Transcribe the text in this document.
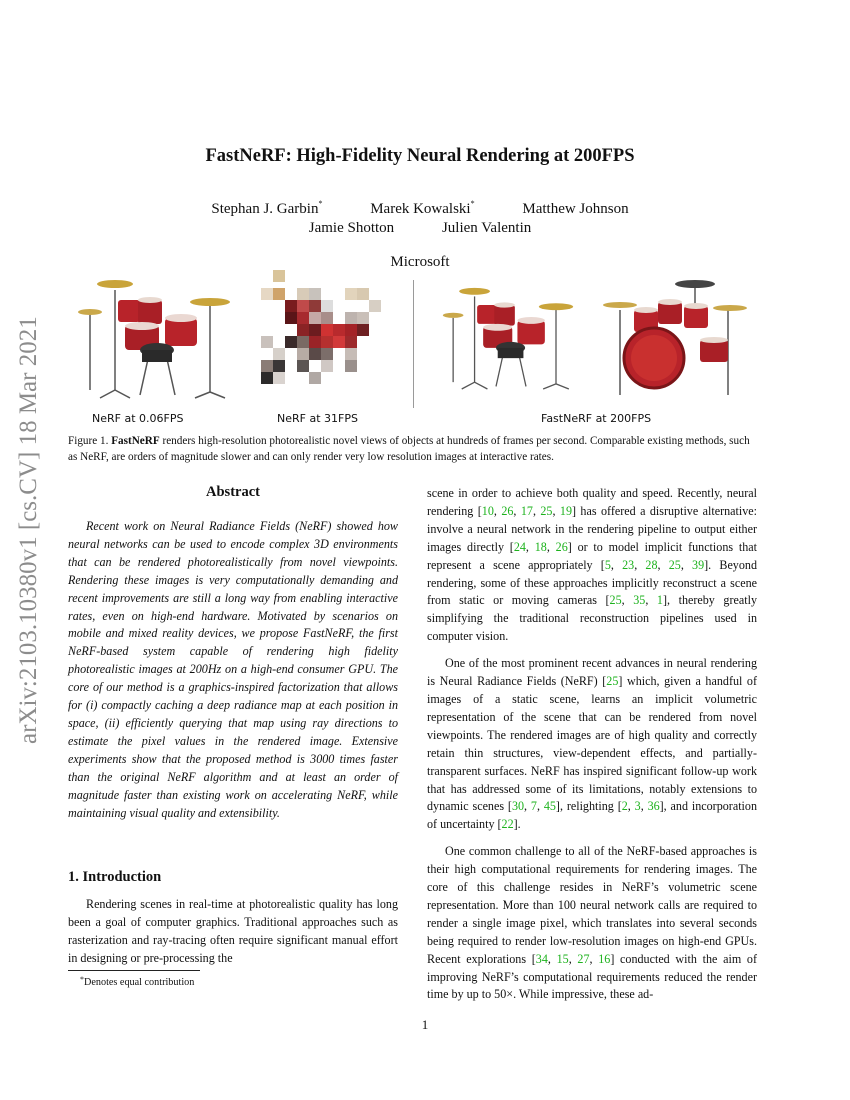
arXiv:2103.10380v1 [cs.CV] 18 Mar 2021
FastNeRF: High-Fidelity Neural Rendering at 200FPS
Stephan J. Garbin*	Marek Kowalski*	Matthew Johnson
Jamie Shotton	Julien Valentin
Microsoft
NeRF at 0.06FPS	NeRF at 31FPS	FastNeRF at 200FPS
Figure 1. FastNeRF renders high-resolution photorealistic novel views of objects at hundreds of frames per second. Comparable existing methods, such as NeRF, are orders of magnitude slower and can only render very low resolution images at interactive rates.
Abstract
Recent work on Neural Radiance Fields (NeRF) showed how neural networks can be used to encode complex 3D environments that can be rendered photorealistically from novel viewpoints. Rendering these images is very computationally demanding and recent improvements are still a long way from enabling interactive rates, even on high-end hardware. Motivated by scenarios on mobile and mixed reality devices, we propose FastNeRF, the first NeRF-based system capable of rendering high fidelity photorealistic images at 200Hz on a high-end consumer GPU. The core of our method is a graphics-inspired factorization that allows for (i) compactly caching a deep radiance map at each position in space, (ii) efficiently querying that map using ray directions to estimate the pixel values in the rendered image. Extensive experiments show that the proposed method is 3000 times faster than the original NeRF algorithm and at least an order of magnitude faster than existing work on accelerating NeRF, while maintaining visual quality and extensibility.
1. Introduction
Rendering scenes in real-time at photorealistic quality has long been a goal of computer graphics. Traditional approaches such as rasterization and ray-tracing often require significant manual effort in designing or pre-processing the

scene in order to achieve both quality and speed. Recently, neural rendering [10, 26, 17, 25, 19] has offered a disruptive alternative: involve a neural network in the rendering pipeline to output either images directly [24, 18, 26] or to model implicit functions that represent a scene appropriately [5, 23, 28, 25, 39]. Beyond rendering, some of these approaches implicitly reconstruct a scene from static or moving cameras [25, 35, 1], thereby greatly simplifying the traditional reconstruction pipelines used in computer vision.

One of the most prominent recent advances in neural rendering is Neural Radiance Fields (NeRF) [25] which, given a handful of images of a static scene, learns an implicit volumetric representation of the scene that can be rendered from novel viewpoints. The rendered images are of high quality and correctly retain thin structures, view-dependent effects, and partially-transparent surfaces. NeRF has inspired significant follow-up work that has addressed some of its limitations, notably extensions to dynamic scenes [30, 7, 45], relighting [2, 3, 36], and incorporation of uncertainty [22].

One common challenge to all of the NeRF-based approaches is their high computational requirements for rendering images. The core of this challenge resides in NeRF’s volumetric scene representation. More than 100 neural network calls are required to render a single image pixel, which translates into several seconds being required to render low-resolution images on high-end GPUs. Recent explorations [34, 15, 27, 16] conducted with the aim of improving NeRF’s computational requirements reduced the render time by up to 50×. While impressive, these ad-

*Denotes equal contribution
1
